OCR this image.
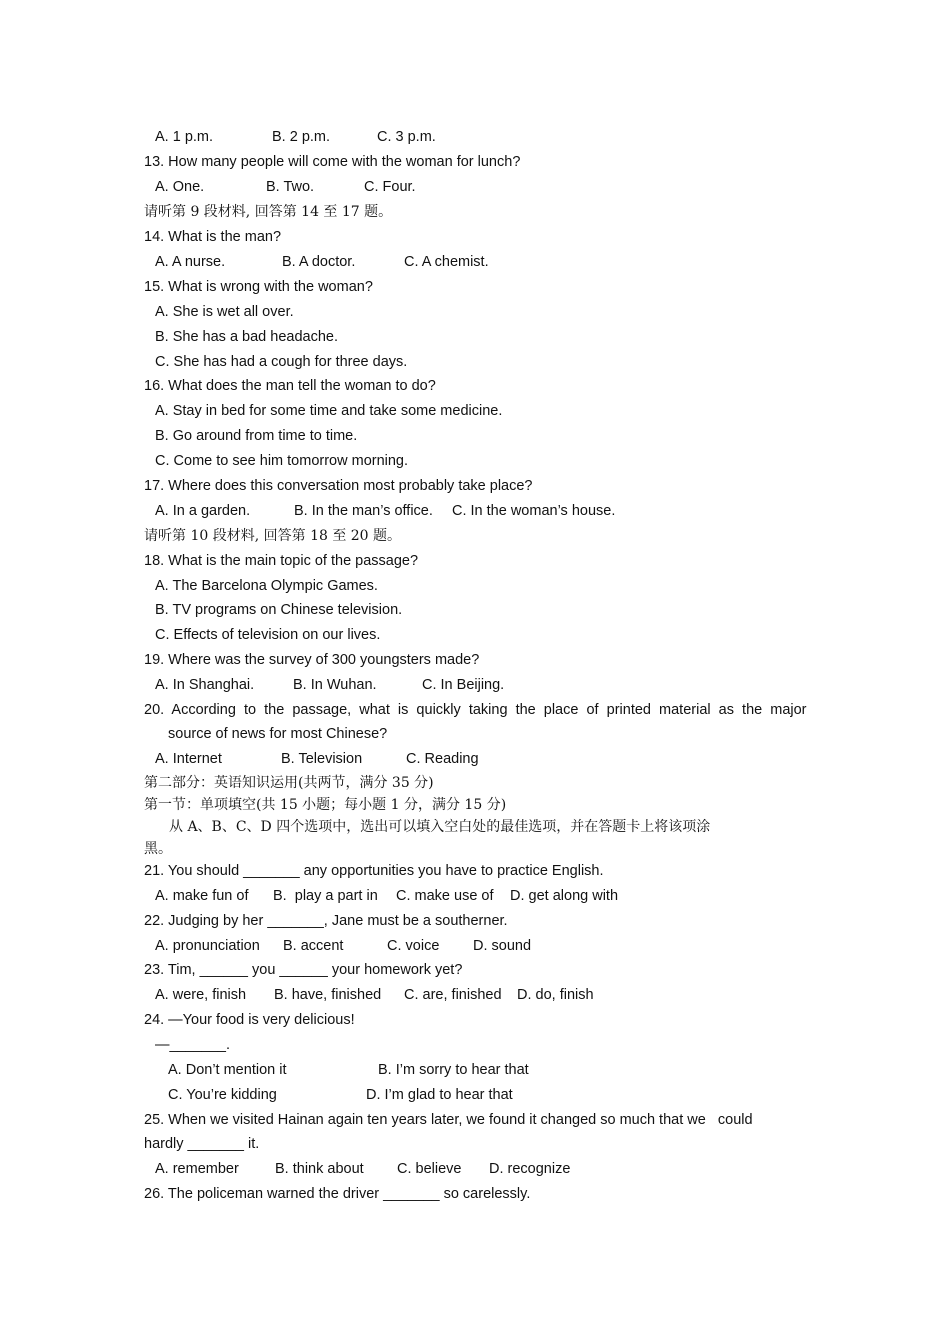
A. 1 p.m.

	B. 2 p.m.

	C. 3 p.m.

13. How many people will come with the woman for lunch?

A. One.

	B. Two.

	C. Four.

请听第 9 段材料, 回答第 14 至 17 题。
14. What is the man?

A. A nurse.

	B. A doctor.

	C. A chemist.

15. What is wrong with the woman?
A. She is wet all over.
B. She has a bad headache.
C. She has had a cough for three days.
16. What does the man tell the woman to do?
A. Stay in bed for some time and take some medicine.
B. Go around from time to time.
C. Come to see him tomorrow morning.
17. Where does this conversation most probably take place?

A. In a garden.

	B. In the man’s office.

C. In the woman’s house.

请听第 10 段材料, 回答第 18 至 20 题。
18. What is the main topic of the passage?
A. The Barcelona Olympic Games.
B. TV programs on Chinese television.
C. Effects of television on our lives.
19. Where was the survey of 300 youngsters made?

A. In Shanghai.

	B. In Wuhan.

	C. In Beijing.

20.  According  to  the  passage,  what  is  quickly  taking  the  place  of  printed  material  as  the  major
source of news for most Chinese?

A. Internet

	B. Television

	C. Reading

第二部分：英语知识运用(共两节，满分 35 分)
第一节：单项填空(共 15 小题；每小题 1 分，满分 15 分)
从 A、B、C、D 四个选项中，选出可以填入空白处的最佳选项，并在答题卡上将该项涂
黑。
21. You should _______ any opportunities you have to practice English.

A. make fun of

B.  play a part in

C. make use of

D. get along with

22. Judging by her _______, Jane must be a southerner.

A. pronunciation

B. accent

	C. voice

D. sound

23. Tim, ______ you ______ your homework yet?

A. were, finish

B. have, finished

C. are, finished

D. do, finish

24. —Your food is very delicious!
—_______.

A. Don’t mention it

	B. I’m sorry to hear that

C. You’re kidding

	D. I’m glad to hear that

25. When we visited Hainan again ten years later, we found it changed so much that we   could
hardly _______ it.

A. remember

B. think about

C. believe

D. recognize

26. The policeman warned the driver _______ so carelessly.
